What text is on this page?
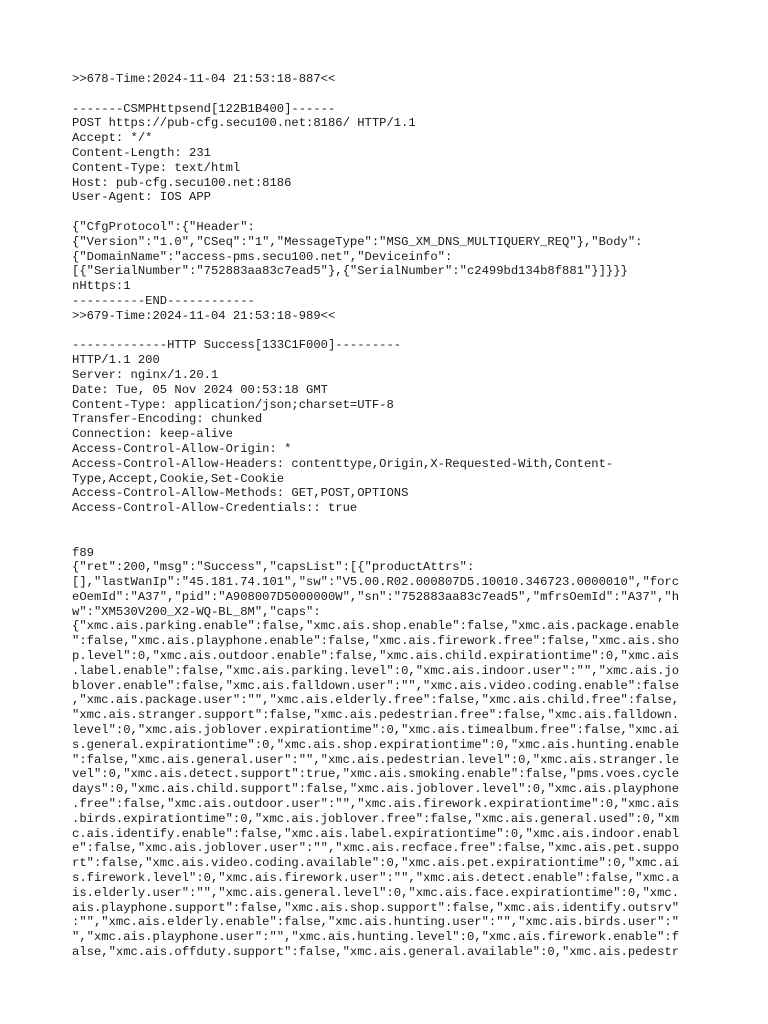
>>678-Time:2024-11-04 21:53:18-887<<
-------CSMPHttpsend[122B1B400]------
POST https://pub-cfg.secu100.net:8186/ HTTP/1.1
Accept: */*
Content-Length: 231
Content-Type: text/html
Host: pub-cfg.secu100.net:8186
User-Agent: IOS APP
{"CfgProtocol":{"Header":
{"Version":"1.0","CSeq":"1","MessageType":"MSG_XM_DNS_MULTIQUERY_REQ"},"Body":
{"DomainName":"access-pms.secu100.net","Deviceinfo":
[{"SerialNumber":"752883aa83c7ead5"},{"SerialNumber":"c2499bd134b8f881"}]}}}
nHttps:1
----------END------------
>>679-Time:2024-11-04 21:53:18-989<<
-------------HTTP Success[133C1F000]---------
HTTP/1.1 200
Server: nginx/1.20.1
Date: Tue, 05 Nov 2024 00:53:18 GMT
Content-Type: application/json;charset=UTF-8
Transfer-Encoding: chunked
Connection: keep-alive
Access-Control-Allow-Origin: *
Access-Control-Allow-Headers: contenttype,Origin,X-Requested-With,Content-
Type,Accept,Cookie,Set-Cookie
Access-Control-Allow-Methods: GET,POST,OPTIONS
Access-Control-Allow-Credentials:: true
f89
{"ret":200,"msg":"Success","capsList":[{"productAttrs":
[],"lastWanIp":"45.181.74.101","sw":"V5.00.R02.000807D5.10010.346723.0000010","forc
eOemId":"A37","pid":"A908007D5000000W","sn":"752883aa83c7ead5","mfrsOemId":"A37","h
w":"XM530V200_X2-WQ-BL_8M","caps":
{"xmc.ais.parking.enable":false,"xmc.ais.shop.enable":false,"xmc.ais.package.enable
":false,"xmc.ais.playphone.enable":false,"xmc.ais.firework.free":false,"xmc.ais.sho
p.level":0,"xmc.ais.outdoor.enable":false,"xmc.ais.child.expirationtime":0,"xmc.ais
.label.enable":false,"xmc.ais.parking.level":0,"xmc.ais.indoor.user":"","xmc.ais.jo
blover.enable":false,"xmc.ais.falldown.user":"","xmc.ais.video.coding.enable":false
,"xmc.ais.package.user":"","xmc.ais.elderly.free":false,"xmc.ais.child.free":false,
"xmc.ais.stranger.support":false,"xmc.ais.pedestrian.free":false,"xmc.ais.falldown.
level":0,"xmc.ais.joblover.expirationtime":0,"xmc.ais.timealbum.free":false,"xmc.ai
s.general.expirationtime":0,"xmc.ais.shop.expirationtime":0,"xmc.ais.hunting.enable
":false,"xmc.ais.general.user":"","xmc.ais.pedestrian.level":0,"xmc.ais.stranger.le
vel":0,"xmc.ais.detect.support":true,"xmc.ais.smoking.enable":false,"pms.voes.cycle
days":0,"xmc.ais.child.support":false,"xmc.ais.joblover.level":0,"xmc.ais.playphone
.free":false,"xmc.ais.outdoor.user":"","xmc.ais.firework.expirationtime":0,"xmc.ais
.birds.expirationtime":0,"xmc.ais.joblover.free":false,"xmc.ais.general.used":0,"xm
c.ais.identify.enable":false,"xmc.ais.label.expirationtime":0,"xmc.ais.indoor.enabl
e":false,"xmc.ais.joblover.user":"","xmc.ais.recface.free":false,"xmc.ais.pet.suppo
rt":false,"xmc.ais.video.coding.available":0,"xmc.ais.pet.expirationtime":0,"xmc.ai
s.firework.level":0,"xmc.ais.firework.user":"","xmc.ais.detect.enable":false,"xmc.a
is.elderly.user":"","xmc.ais.general.level":0,"xmc.ais.face.expirationtime":0,"xmc.
ais.playphone.support":false,"xmc.ais.shop.support":false,"xmc.ais.identify.outsrv"
:"","xmc.ais.elderly.enable":false,"xmc.ais.hunting.user":"","xmc.ais.birds.user":"
","xmc.ais.playphone.user":"","xmc.ais.hunting.level":0,"xmc.ais.firework.enable":f
alse,"xmc.ais.offduty.support":false,"xmc.ais.general.available":0,"xmc.ais.pedestr
